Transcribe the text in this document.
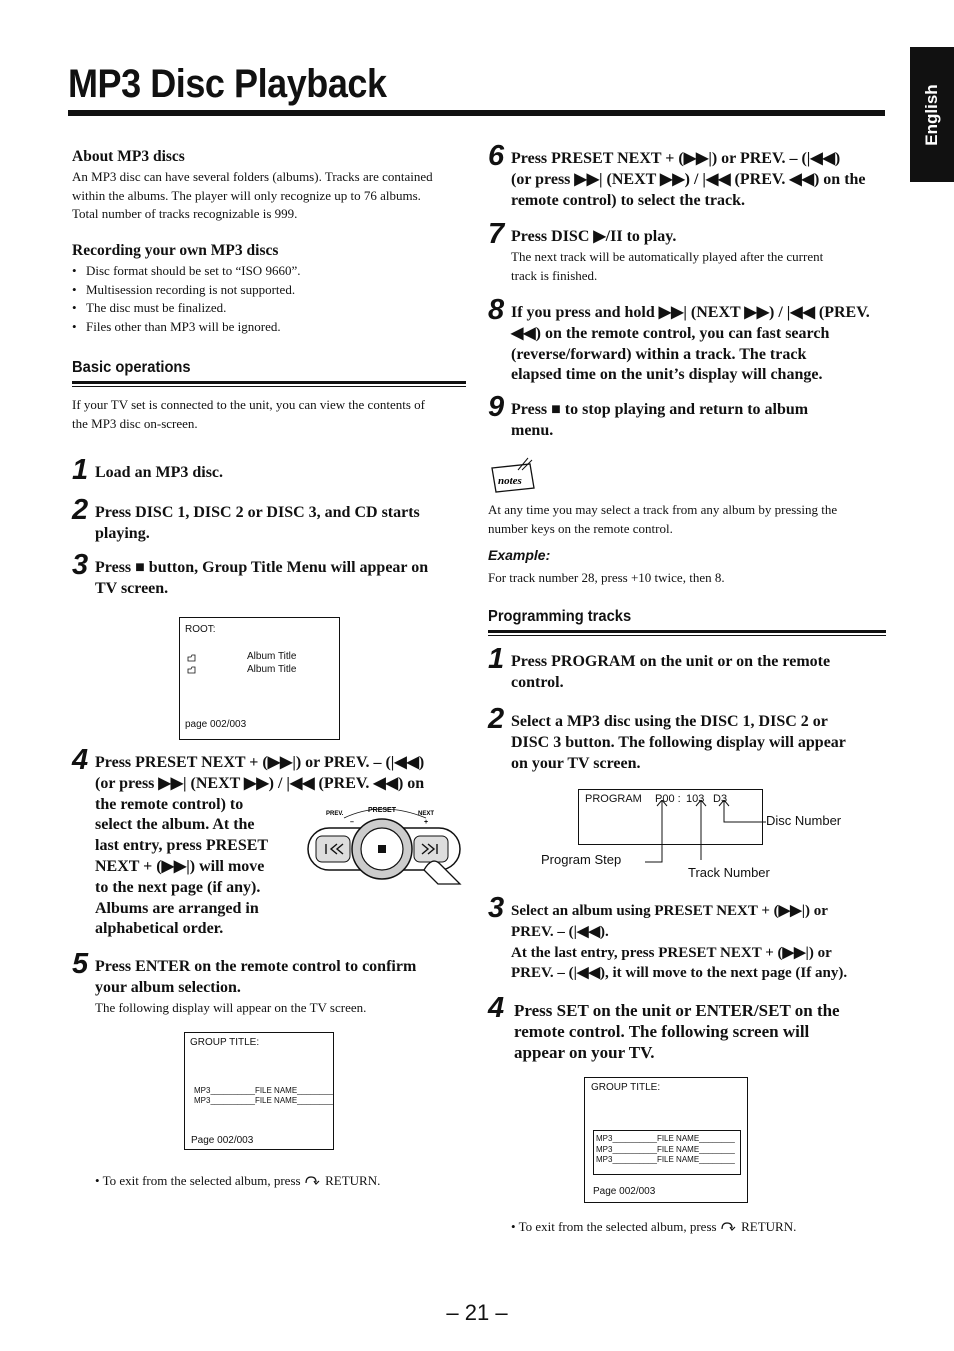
MP3 Disc Playback	English
About MP3 discs
An MP3 disc can have several folders (albums). Tracks are contained
within the albums. The player will only recognize up to 76 albums.
Total number of tracks recognizable is 999.
Recording your own MP3 discs
• Disc format should be set to “ISO 9660”.
• Multisession recording is not supported.
• The disc must be finalized.
• Files other than MP3 will be ignored.
Basic operations
If your TV set is connected to the unit, you can view the contents of
the MP3 disc on-screen.
1 Load an MP3 disc.
2 Press DISC 1, DISC 2 or DISC 3, and CD starts
playing.
3 Press ■ button, Group Title Menu will appear on
TV screen.
ROOT:
Album Title
Album Title
page 002/003
4 Press PRESET NEXT + (▶▶|) or PREV. – (|◀◀)
(or press ▶▶| (NEXT ▶▶) / |◀◀ (PREV. ◀◀) on
the remote control) to
select the album. At the
last entry, press PRESET
NEXT + (▶▶|) will move
to the next page (if any).
Albums are arranged in
alphabetical order.
PREV.	PRESET	NEXT
–	+
5 Press ENTER on the remote control to confirm
your album selection.
The following display will appear on the TV screen.
GROUP TITLE:
MP3__________FILE NAME________
MP3__________FILE NAME________
Page 002/003
• To exit from the selected album, press RETURN.
6 Press PRESET NEXT + (▶▶|) or PREV. – (|◀◀)
(or press ▶▶| (NEXT ▶▶) / |◀◀ (PREV. ◀◀) on the
remote control) to select the track.
7 Press DISC ▶/II to play.
The next track will be automatically played after the current
track is finished.
8 If you press and hold ▶▶| (NEXT ▶▶) / |◀◀ (PREV.
◀◀) on the remote control, you can fast search
(reverse/forward) within a track. The track
elapsed time on the unit’s display will change.
9 Press ■ to stop playing and return to album
menu.
notes
At any time you may select a track from any album by pressing the
number keys on the remote control.
Example:
For track number 28, press +10 twice, then 8.
Programming tracks
1 Press PROGRAM on the unit or on the remote
control.
2 Select a MP3 disc using the DISC 1, DISC 2 or
DISC 3 button. The following display will appear
on your TV screen.
PROGRAM P00 : 103 D3
Disc Number
Program Step
Track Number
3 Select an album using PRESET NEXT + (▶▶|) or
PREV. – (|◀◀).
At the last entry, press PRESET NEXT + (▶▶|) or
PREV. – (|◀◀), it will move to the next page (If any).
4 Press SET on the unit or ENTER/SET on the
remote control. The following screen will
appear on your TV.
GROUP TITLE:
MP3__________FILE NAME________
MP3__________FILE NAME________
MP3__________FILE NAME________
Page 002/003
• To exit from the selected album, press RETURN.
– 21 –
